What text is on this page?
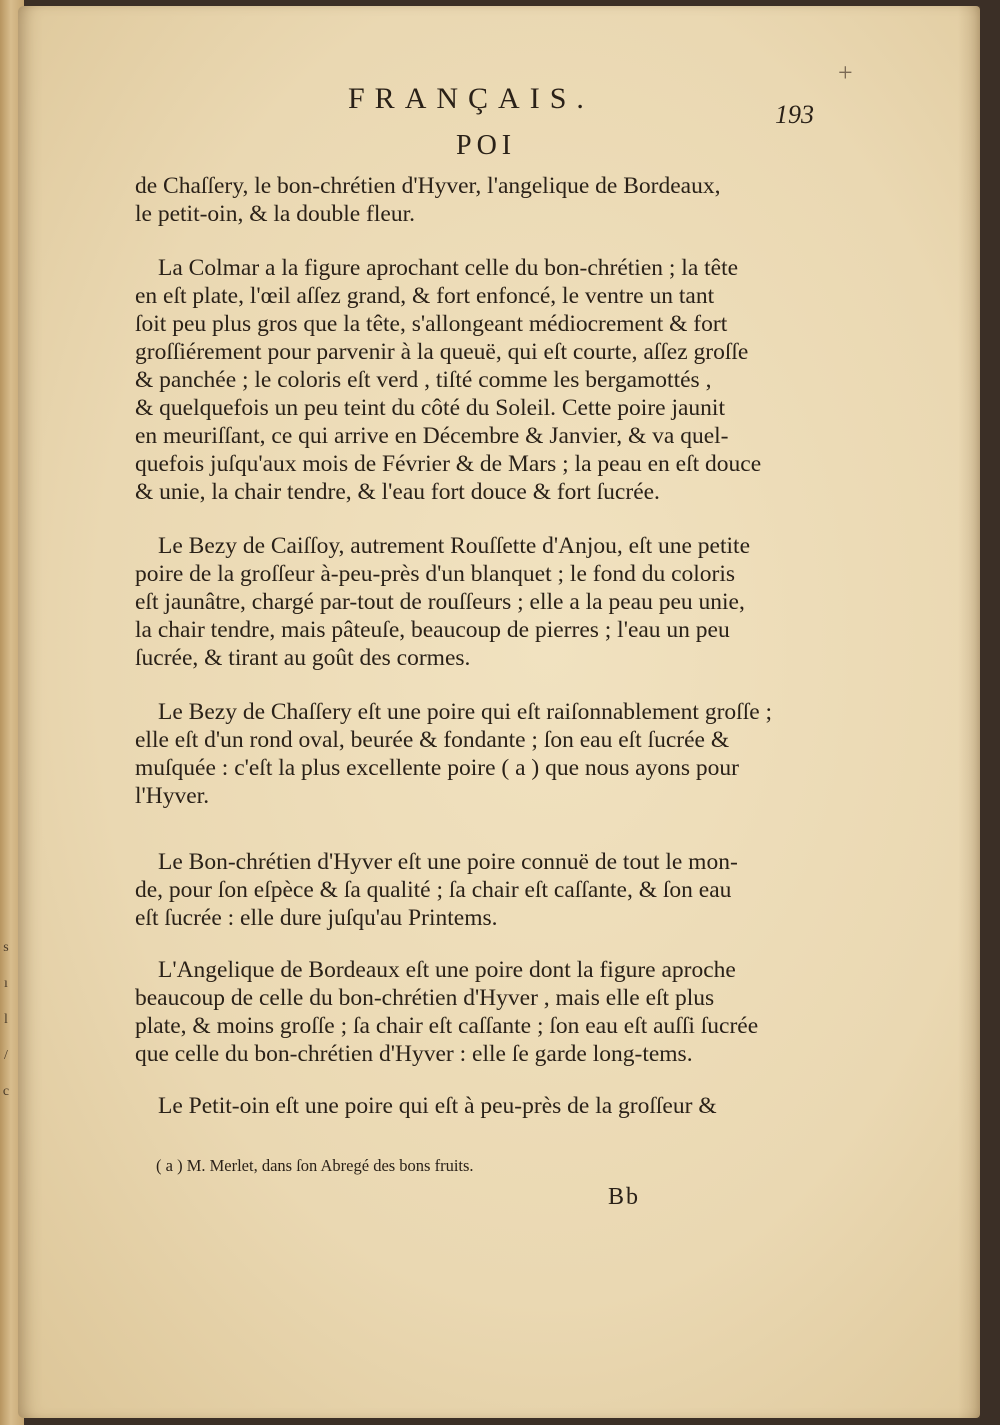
s
ı
l
/
c
+
FRANÇAIS.	193
POI
de Chaſſery, le bon-chrétien d'Hyver, l'angelique de Bordeaux,
le petit-oin, & la double fleur.
La Colmar a la figure aprochant celle du bon-chrétien ; la tête
en eſt plate, l'œil aſſez grand, & fort enfoncé, le ventre un tant
ſoit peu plus gros que la tête, s'allongeant médiocrement & fort
groſſiérement pour parvenir à la queuë, qui eſt courte, aſſez groſſe
& panchée ; le coloris eſt verd , tiſté comme les bergamottés ,
& quelquefois un peu teint du côté du Soleil. Cette poire jaunit
en meuriſſant, ce qui arrive en Décembre & Janvier, & va quel-
quefois juſqu'aux mois de Février & de Mars ; la peau en eſt douce
& unie, la chair tendre, & l'eau fort douce & fort ſucrée.
Le Bezy de Caiſſoy, autrement Rouſſette d'Anjou, eſt une petite
poire de la groſſeur à-peu-près d'un blanquet ; le fond du coloris
eſt jaunâtre, chargé par-tout de rouſſeurs ; elle a la peau peu unie,
la chair tendre, mais pâteuſe, beaucoup de pierres ; l'eau un peu
ſucrée, & tirant au goût des cormes.
Le Bezy de Chaſſery eſt une poire qui eſt raiſonnablement groſſe ;
elle eſt d'un rond oval, beurée & fondante ; ſon eau eſt ſucrée &
muſquée : c'eſt la plus excellente poire ( a ) que nous ayons pour
l'Hyver.
Le Bon-chrétien d'Hyver eſt une poire connuë de tout le mon-
de, pour ſon eſpèce & ſa qualité ; ſa chair eſt caſſante, & ſon eau
eſt ſucrée : elle dure juſqu'au Printems.
L'Angelique de Bordeaux eſt une poire dont la figure aproche
beaucoup de celle du bon-chrétien d'Hyver , mais elle eſt plus
plate, & moins groſſe ; ſa chair eſt caſſante ; ſon eau eſt auſſi ſucrée
que celle du bon-chrétien d'Hyver : elle ſe garde long-tems.
Le Petit-oin eſt une poire qui eſt à peu-près de la groſſeur &
( a ) M. Merlet, dans ſon Abregé des bons fruits.
Bb
